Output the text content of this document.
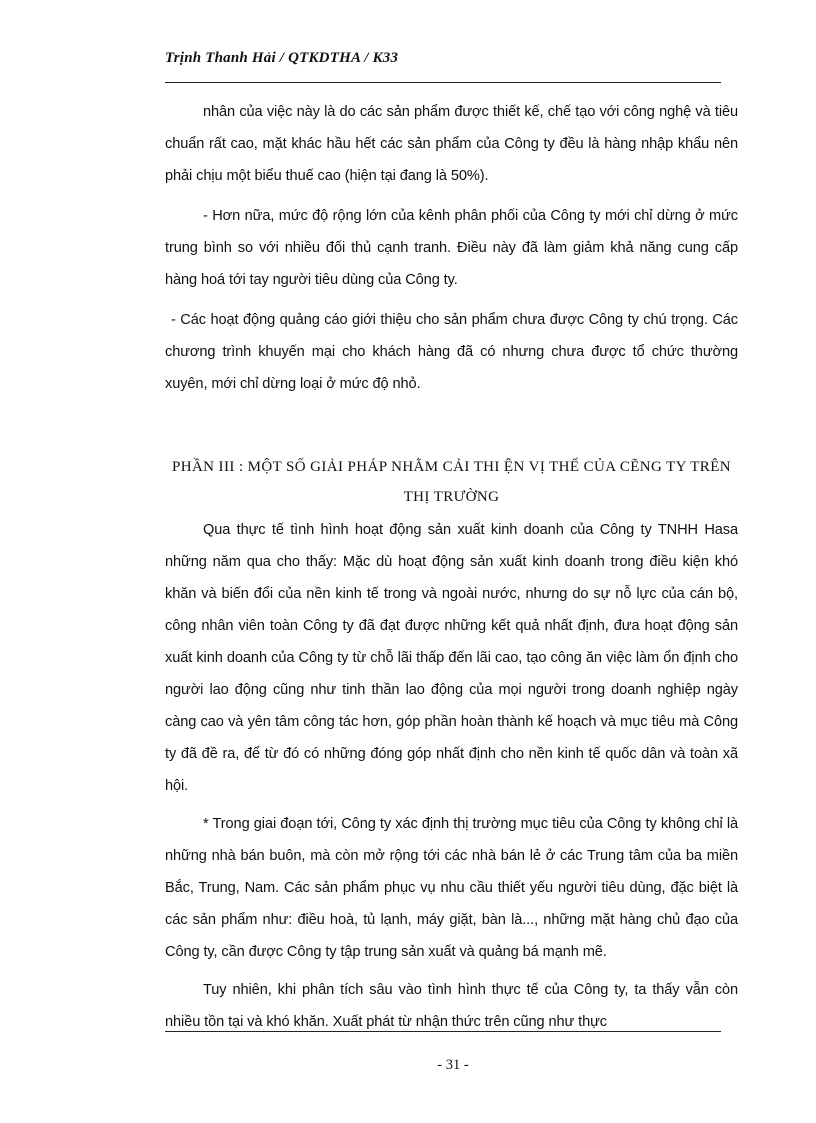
Trịnh Thanh Hải / QTKDTHA / K33

nhân của việc này là do các sản phẩm được thiết kế, chế tạo với công nghệ và tiêu chuẩn rất cao, mặt khác hầu hết các sản phẩm của Công ty đều là hàng nhập khẩu nên phải chịu một biểu thuế cao (hiện tại đang là 50%).

- Hơn nữa, mức độ rộng lớn của kênh phân phối của Công ty mới chỉ dừng ở mức trung bình so với nhiều đối thủ cạnh tranh. Điều này đã làm giảm khả năng cung cấp hàng hoá tới tay người tiêu dùng của Công ty.

- Các hoạt động quảng cáo giới thiệu cho sản phẩm chưa được Công ty chú trọng. Các chương trình khuyến mại cho khách hàng đã có nhưng chưa được tổ chức thường xuyên, mới chỉ dừng loại ở mức độ nhỏ.

PHẦN III : MỘT SỐ GIẢI PHÁP NHẰM CẢI THI ỆN VỊ THẾ CỦA CẼNG TY TRÊN THỊ TRƯỜNG

Qua thực tế tình hình hoạt động sản xuất kinh doanh của Công ty TNHH Hasa những năm qua cho thấy: Mặc dù hoạt động sản xuất kinh doanh trong điều kiện khó khăn và biến đổi của nền kinh tế trong và ngoài nước, nhưng do sự nỗ lực của cán bộ, công nhân viên toàn Công ty đã đạt được những kết quả nhất định, đưa hoạt động sản xuất kinh doanh của Công ty từ chỗ lãi thấp đến lãi cao, tạo công ăn việc làm ổn định cho người lao động cũng như tinh thần lao động của mọi người trong doanh nghiệp ngày càng cao và yên tâm công tác hơn, góp phần hoàn thành kế hoạch và mục tiêu mà Công ty đã đề ra, để từ đó có những đóng góp nhất định cho nền kinh tế quốc dân và toàn xã hội.

* Trong giai đoạn tới, Công ty xác định thị trường mục tiêu của Công ty không chỉ là những nhà bán buôn, mà còn mở rộng tới các nhà bán lẻ ở các Trung tâm của ba miền Bắc, Trung, Nam. Các sản phẩm phục vụ nhu cầu thiết yếu người tiêu dùng, đặc biệt là các sản phẩm như: điều hoà, tủ lạnh, máy giặt, bàn là..., những mặt hàng chủ đạo của Công ty, cần được Công ty tập trung sản xuất và quảng bá mạnh mẽ.

Tuy nhiên, khi phân tích sâu vào tình hình thực tế của Công ty, ta thấy vẫn còn nhiều tồn tại và khó khăn. Xuất phát từ nhận thức trên cũng như thực

- 31 -
